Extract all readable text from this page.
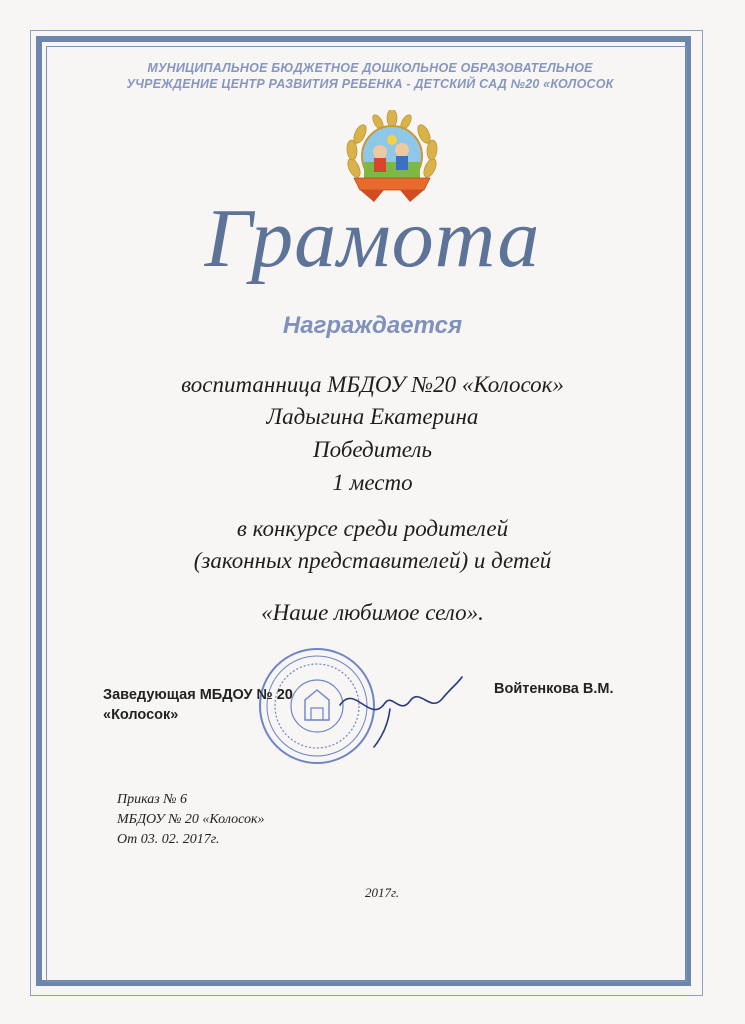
МУНИЦИПАЛЬНОЕ БЮДЖЕТНОЕ ДОШКОЛЬНОЕ ОБРАЗОВАТЕЛЬНОЕ
УЧРЕЖДЕНИЕ ЦЕНТР РАЗВИТИЯ РЕБЕНКА - ДЕТСКИЙ САД №20 «КОЛОСОК
Грамота
Награждается
воспитанница МБДОУ №20 «Колосок»
Ладыгина Екатерина
Победитель
1 место
в конкурсе среди родителей
(законных представителей) и детей
«Наше любимое село».
Заведующая МБДОУ № 20
«Колосок»
Войтенкова В.М.
Приказ № 6
МБДОУ № 20 «Колосок»
От 03. 02. 2017г.
2017г.
